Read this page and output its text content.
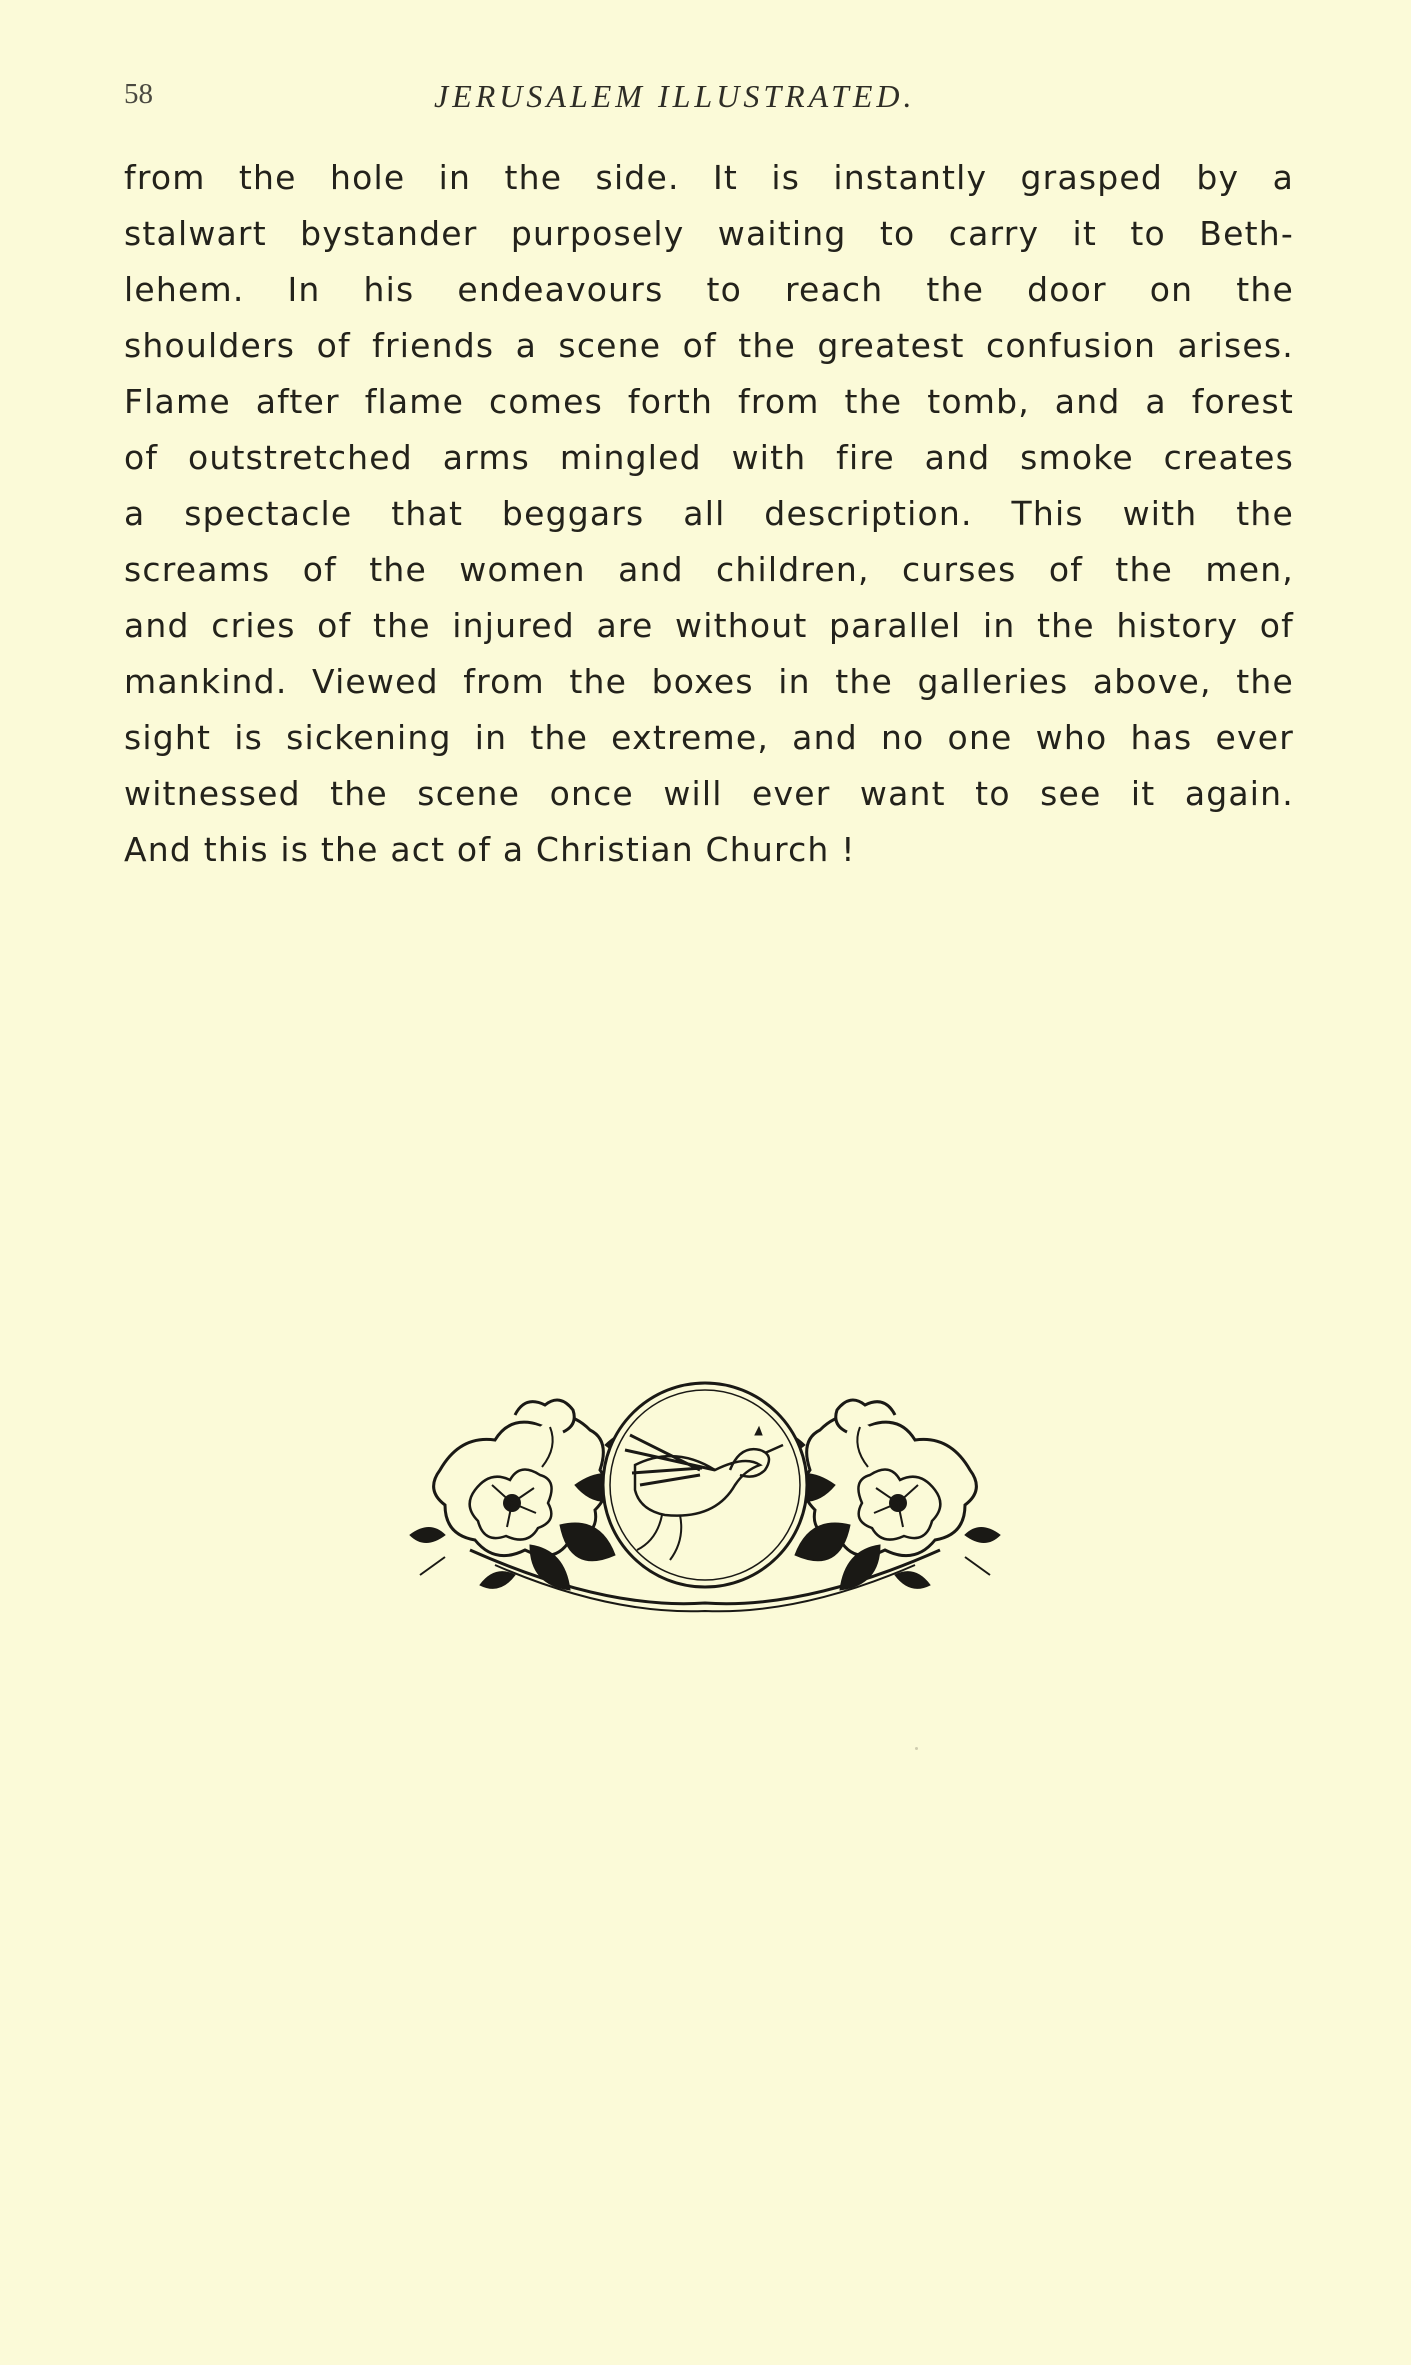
58	JERUSALEM ILLUSTRATED.

from the hole in the side. It is instantly grasped by a
stalwart bystander purposely waiting to carry it to Beth-
lehem. In his endeavours to reach the door on the
shoulders of friends a scene of the greatest confusion arises.
Flame after flame comes forth from the tomb, and a forest
of outstretched arms mingled with fire and smoke creates
a spectacle that beggars all description. This with the
screams of the women and children, curses of the men,
and cries of the injured are without parallel in the history of
mankind. Viewed from the boxes in the galleries above, the
sight is sickening in the extreme, and no one who has ever
witnessed the scene once will ever want to see it again.
And this is the act of a Christian Church !
